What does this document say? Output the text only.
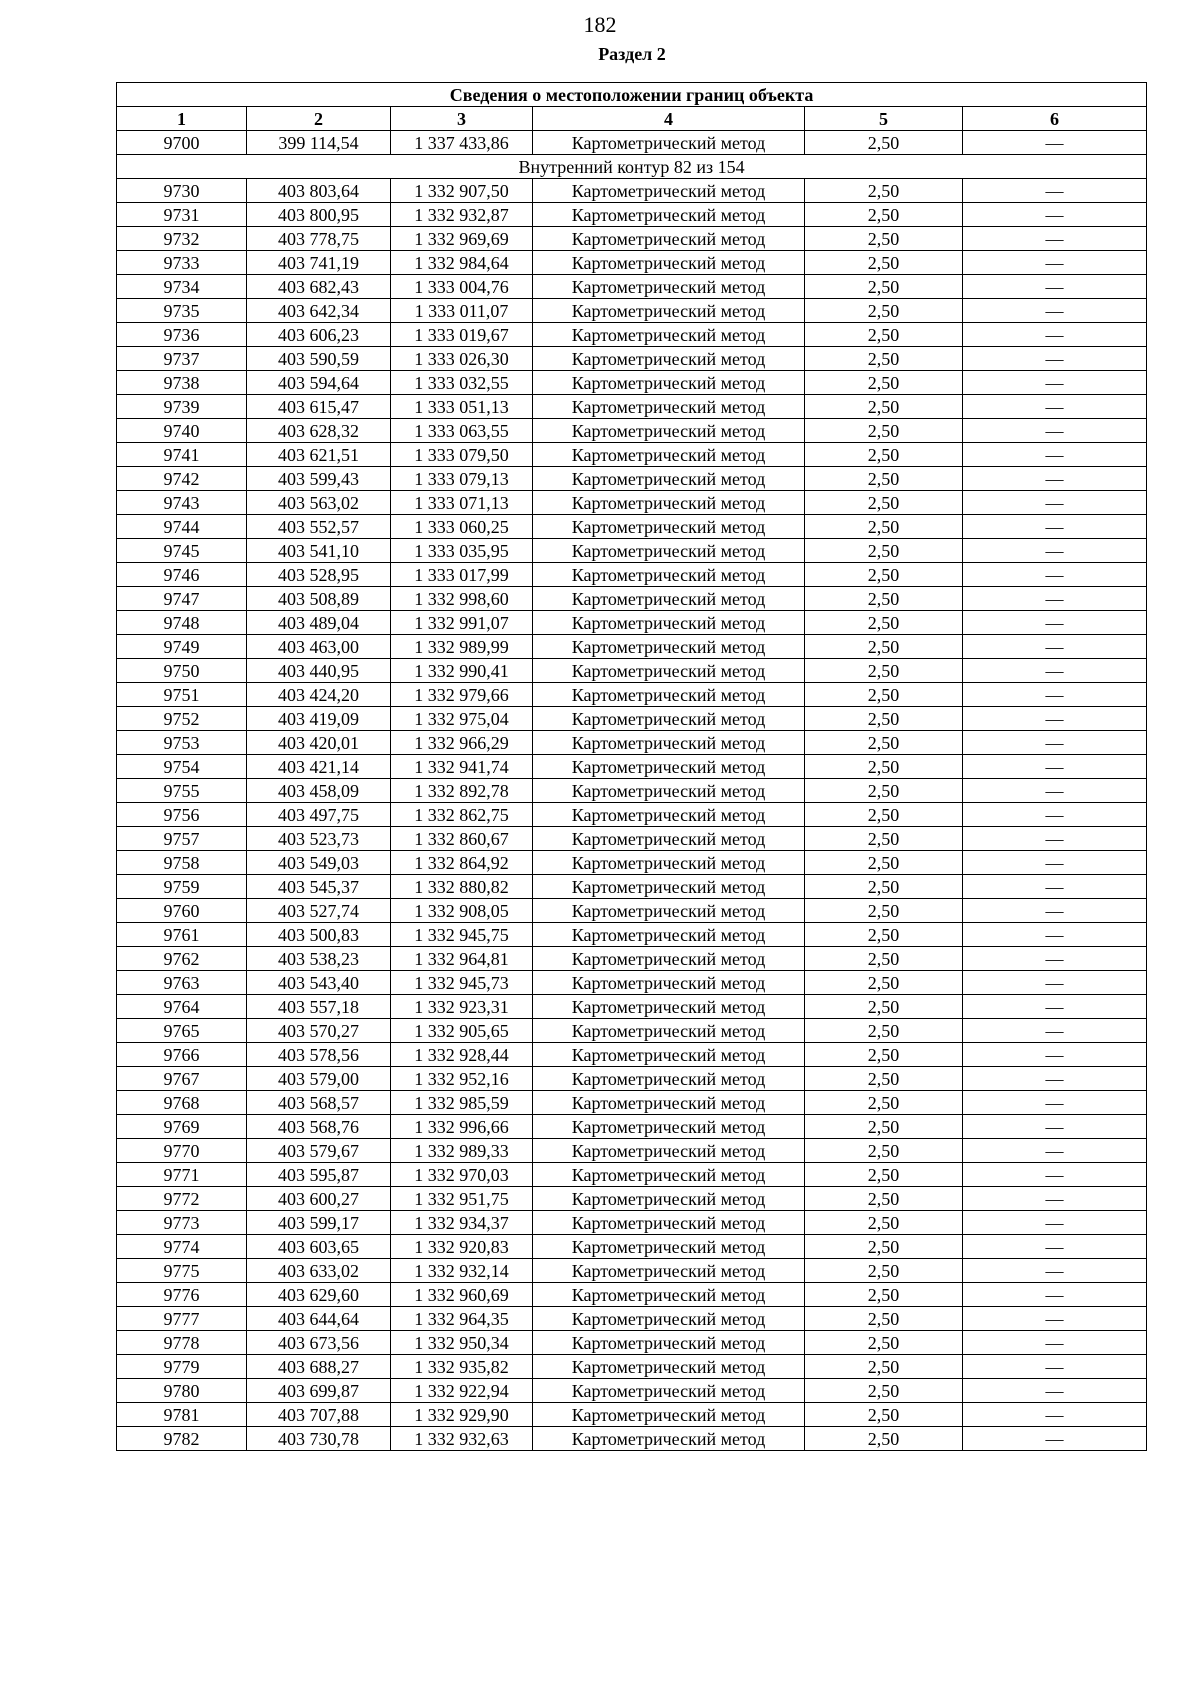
182
Раздел 2
Сведения о местоположении границ объекта					
1	2	3	4	5	6
9700	399 114,54	1 337 433,86	Картометрический метод	2,50	—
Внутренний контур 82 из 154					
9730	403 803,64	1 332 907,50	Картометрический метод	2,50	—
9731	403 800,95	1 332 932,87	Картометрический метод	2,50	—
9732	403 778,75	1 332 969,69	Картометрический метод	2,50	—
9733	403 741,19	1 332 984,64	Картометрический метод	2,50	—
9734	403 682,43	1 333 004,76	Картометрический метод	2,50	—
9735	403 642,34	1 333 011,07	Картометрический метод	2,50	—
9736	403 606,23	1 333 019,67	Картометрический метод	2,50	—
9737	403 590,59	1 333 026,30	Картометрический метод	2,50	—
9738	403 594,64	1 333 032,55	Картометрический метод	2,50	—
9739	403 615,47	1 333 051,13	Картометрический метод	2,50	—
9740	403 628,32	1 333 063,55	Картометрический метод	2,50	—
9741	403 621,51	1 333 079,50	Картометрический метод	2,50	—
9742	403 599,43	1 333 079,13	Картометрический метод	2,50	—
9743	403 563,02	1 333 071,13	Картометрический метод	2,50	—
9744	403 552,57	1 333 060,25	Картометрический метод	2,50	—
9745	403 541,10	1 333 035,95	Картометрический метод	2,50	—
9746	403 528,95	1 333 017,99	Картометрический метод	2,50	—
9747	403 508,89	1 332 998,60	Картометрический метод	2,50	—
9748	403 489,04	1 332 991,07	Картометрический метод	2,50	—
9749	403 463,00	1 332 989,99	Картометрический метод	2,50	—
9750	403 440,95	1 332 990,41	Картометрический метод	2,50	—
9751	403 424,20	1 332 979,66	Картометрический метод	2,50	—
9752	403 419,09	1 332 975,04	Картометрический метод	2,50	—
9753	403 420,01	1 332 966,29	Картометрический метод	2,50	—
9754	403 421,14	1 332 941,74	Картометрический метод	2,50	—
9755	403 458,09	1 332 892,78	Картометрический метод	2,50	—
9756	403 497,75	1 332 862,75	Картометрический метод	2,50	—
9757	403 523,73	1 332 860,67	Картометрический метод	2,50	—
9758	403 549,03	1 332 864,92	Картометрический метод	2,50	—
9759	403 545,37	1 332 880,82	Картометрический метод	2,50	—
9760	403 527,74	1 332 908,05	Картометрический метод	2,50	—
9761	403 500,83	1 332 945,75	Картометрический метод	2,50	—
9762	403 538,23	1 332 964,81	Картометрический метод	2,50	—
9763	403 543,40	1 332 945,73	Картометрический метод	2,50	—
9764	403 557,18	1 332 923,31	Картометрический метод	2,50	—
9765	403 570,27	1 332 905,65	Картометрический метод	2,50	—
9766	403 578,56	1 332 928,44	Картометрический метод	2,50	—
9767	403 579,00	1 332 952,16	Картометрический метод	2,50	—
9768	403 568,57	1 332 985,59	Картометрический метод	2,50	—
9769	403 568,76	1 332 996,66	Картометрический метод	2,50	—
9770	403 579,67	1 332 989,33	Картометрический метод	2,50	—
9771	403 595,87	1 332 970,03	Картометрический метод	2,50	—
9772	403 600,27	1 332 951,75	Картометрический метод	2,50	—
9773	403 599,17	1 332 934,37	Картометрический метод	2,50	—
9774	403 603,65	1 332 920,83	Картометрический метод	2,50	—
9775	403 633,02	1 332 932,14	Картометрический метод	2,50	—
9776	403 629,60	1 332 960,69	Картометрический метод	2,50	—
9777	403 644,64	1 332 964,35	Картометрический метод	2,50	—
9778	403 673,56	1 332 950,34	Картометрический метод	2,50	—
9779	403 688,27	1 332 935,82	Картометрический метод	2,50	—
9780	403 699,87	1 332 922,94	Картометрический метод	2,50	—
9781	403 707,88	1 332 929,90	Картометрический метод	2,50	—
9782	403 730,78	1 332 932,63	Картометрический метод	2,50	—
